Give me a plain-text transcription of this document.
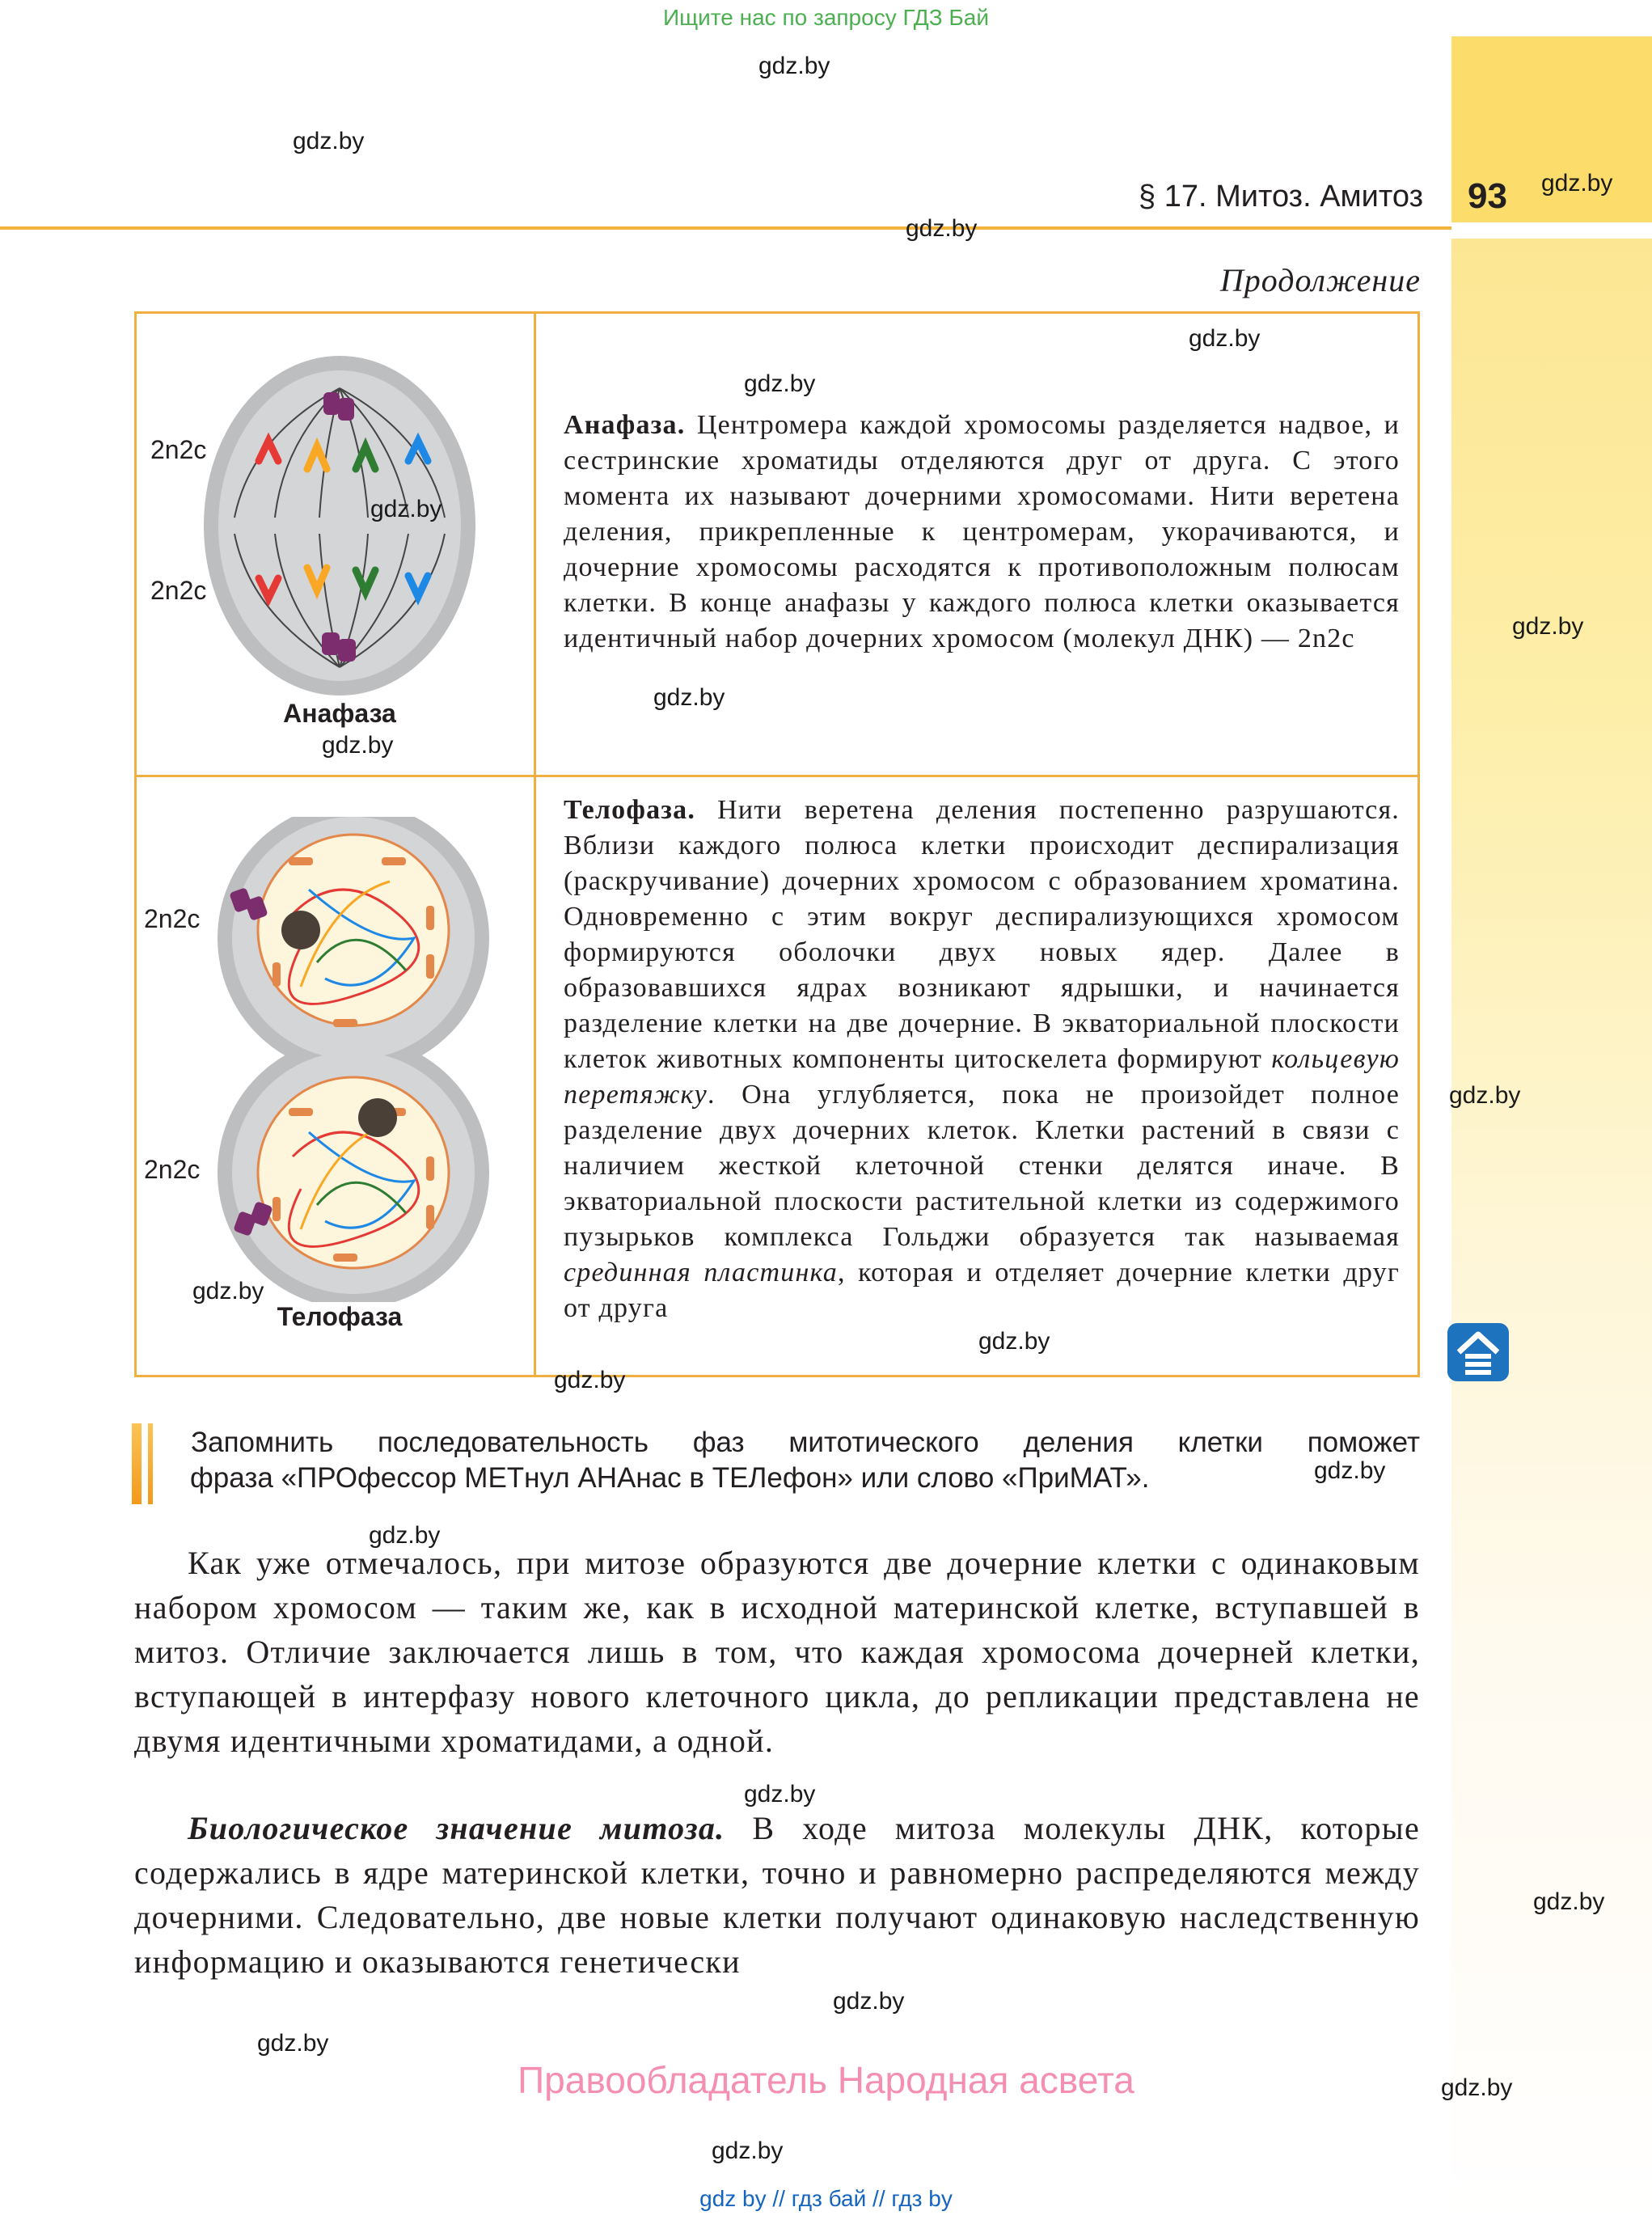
Ищите нас по запросу ГДЗ Бай
§ 17. Митоз. Амитоз 93
Продолжение
2n2c
2n2c
Анафаза
Анафаза. Центромера каждой хромосомы разделяется надвое, и сестринские хроматиды отделяются друг от друга. С этого момента их называют дочерними хромосомами. Нити веретена деления, прикрепленные к центромерам, укорачиваются, и дочерние хромосомы расходятся к противоположным полюсам клетки. В конце анафазы у каждого полюса клетки оказывается идентичный набор дочерних хромосом (молекул ДНК) — 2n2c
2n2c
2n2c
Телофаза
Телофаза. Нити веретена деления постепенно разрушаются. Вблизи каждого полюса клетки происходит деспирализация (раскручивание) дочерних хромосом с образованием хроматина. Одновременно с этим вокруг деспирализующихся хромосом формируются оболочки двух новых ядер. Далее в образовавшихся ядрах возникают ядрышки, и начинается разделение клетки на две дочерние. В экваториальной плоскости клеток животных компоненты цитоскелета формируют кольцевую перетяжку. Она углубляется, пока не произойдет полное разделение двух дочерних клеток. Клетки растений в связи с наличием жесткой клеточной стенки делятся иначе. В экваториальной плоскости растительной клетки из содержимого пузырьков комплекса Гольджи образуется так называемая срединная пластинка, которая и отделяет дочерние клетки друг от друга
Запомнить последовательность фаз митотического деления клетки поможет
фраза «ПРОфессор МЕТнул АНАнас в ТЕЛефон» или слово «ПриМАТ».
Как уже отмечалось, при митозе образуются две дочерние клетки с одинаковым набором хромосом — таким же, как в исходной материнской клетке, вступавшей в митоз. Отличие заключается лишь в том, что каждая хромосома дочерней клетки, вступающей в интерфазу нового клеточного цикла, до репликации представлена не двумя идентичными хроматидами, а одной.
Биологическое значение митоза. В ходе митоза молекулы ДНК, которые содержались в ядре материнской клетки, точно и равномерно распределяются между дочерними. Следовательно, две новые клетки получают одинаковую наследственную информацию и оказываются генетически
Правообладатель Народная асвета
gdz by // гдз бай // гдз by
gdz.by
gdz.by
gdz.by
gdz.by
gdz.by
gdz.by
gdz.by
gdz.by
gdz.by
gdz.by
gdz.by
gdz.by
gdz.by
gdz.by
gdz.by
gdz.by
gdz.by
gdz.by
gdz.by
gdz.by
gdz.by
gdz.by
